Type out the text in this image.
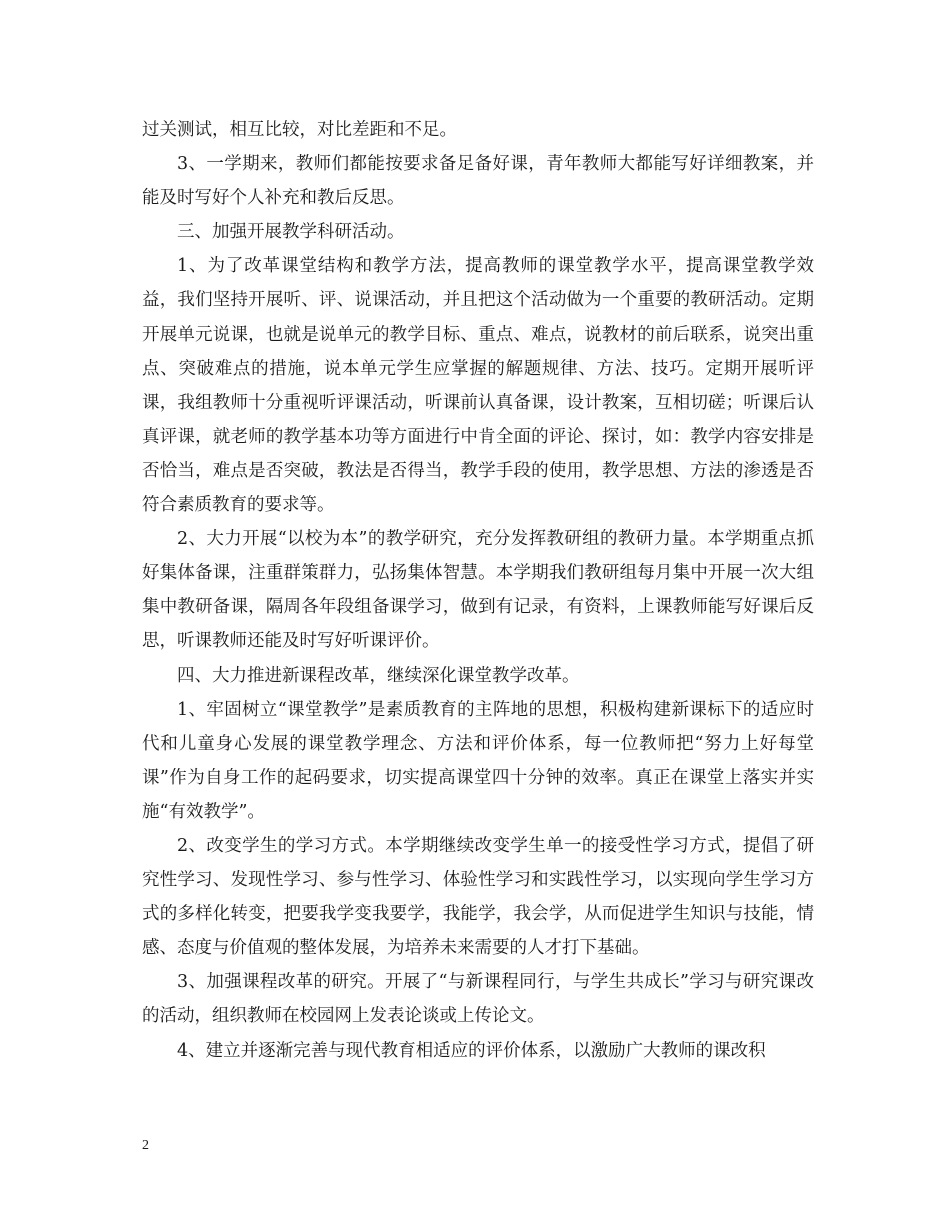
过关测试，相互比较，对比差距和不足。

3、一学期来，教师们都能按要求备足备好课，青年教师大都能写好详细教案，并能及时写好个人补充和教后反思。

三、加强开展教学科研活动。

1、为了改革课堂结构和教学方法，提高教师的课堂教学水平，提高课堂教学效益，我们坚持开展听、评、说课活动，并且把这个活动做为一个重要的教研活动。定期开展单元说课，也就是说单元的教学目标、重点、难点，说教材的前后联系，说突出重点、突破难点的措施，说本单元学生应掌握的解题规律、方法、技巧。定期开展听评课，我组教师十分重视听评课活动，听课前认真备课，设计教案，互相切磋；听课后认真评课，就老师的教学基本功等方面进行中肯全面的评论、探讨，如：教学内容安排是否恰当，难点是否突破，教法是否得当，教学手段的使用，教学思想、方法的渗透是否符合素质教育的要求等。

2、大力开展“以校为本”的教学研究，充分发挥教研组的教研力量。本学期重点抓好集体备课，注重群策群力，弘扬集体智慧。本学期我们教研组每月集中开展一次大组集中教研备课，隔周各年段组备课学习，做到有记录，有资料，上课教师能写好课后反思，听课教师还能及时写好听课评价。

四、大力推进新课程改革，继续深化课堂教学改革。

1、牢固树立“课堂教学”是素质教育的主阵地的思想，积极构建新课标下的适应时代和儿童身心发展的课堂教学理念、方法和评价体系，每一位教师把“努力上好每堂课”作为自身工作的起码要求，切实提高课堂四十分钟的效率。真正在课堂上落实并实施“有效教学”。

2、改变学生的学习方式。本学期继续改变学生单一的接受性学习方式，提倡了研究性学习、发现性学习、参与性学习、体验性学习和实践性学习，以实现向学生学习方式的多样化转变，把要我学变我要学，我能学，我会学，从而促进学生知识与技能，情感、态度与价值观的整体发展，为培养未来需要的人才打下基础。

3、加强课程改革的研究。开展了“与新课程同行，与学生共成长”学习与研究课改的活动，组织教师在校园网上发表论谈或上传论文。

4、建立并逐渐完善与现代教育相适应的评价体系，以激励广大教师的课改积

2
